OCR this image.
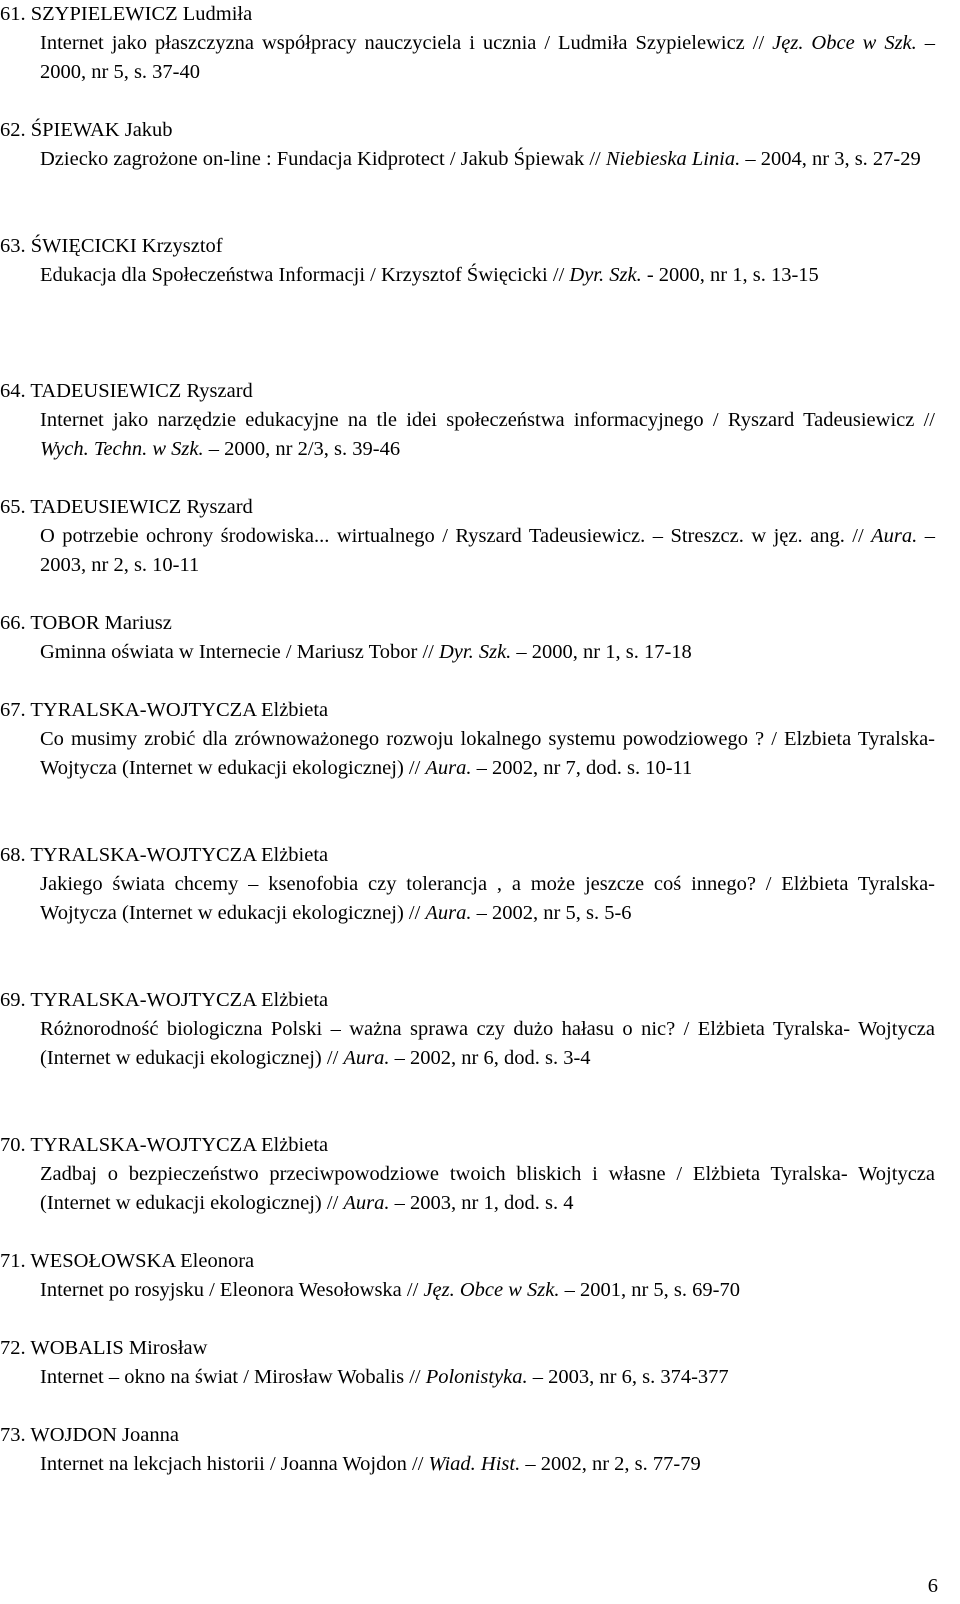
61. SZYPIELEWICZ Ludmiła
Internet jako płaszczyzna współpracy nauczyciela i ucznia / Ludmiła Szypielewicz // Jęz. Obce w Szk. – 2000, nr 5, s. 37-40
62. ŚPIEWAK Jakub
Dziecko zagrożone on-line : Fundacja Kidprotect / Jakub Śpiewak // Niebieska Linia. – 2004, nr 3, s. 27-29
63. ŚWIĘCICKI Krzysztof
Edukacja dla Społeczeństwa Informacji / Krzysztof Święcicki // Dyr. Szk. - 2000, nr 1, s. 13-15
64. TADEUSIEWICZ Ryszard
Internet jako narzędzie edukacyjne na tle idei społeczeństwa informacyjnego / Ryszard Tadeusiewicz // Wych. Techn. w Szk. – 2000, nr 2/3, s. 39-46
65. TADEUSIEWICZ Ryszard
O potrzebie ochrony środowiska... wirtualnego / Ryszard Tadeusiewicz. – Streszcz. w jęz. ang. // Aura. – 2003, nr 2, s. 10-11
66. TOBOR Mariusz
Gminna oświata w Internecie / Mariusz Tobor // Dyr. Szk. – 2000, nr 1, s. 17-18
67. TYRALSKA-WOJTYCZA Elżbieta
Co musimy zrobić dla zrównoważonego rozwoju lokalnego systemu powodziowego ? / Elzbieta Tyralska-Wojtycza (Internet w edukacji ekologicznej) // Aura. – 2002, nr 7, dod. s. 10-11
68. TYRALSKA-WOJTYCZA Elżbieta
Jakiego świata chcemy – ksenofobia czy tolerancja , a może jeszcze coś innego? / Elżbieta Tyralska- Wojtycza (Internet w edukacji ekologicznej) // Aura. – 2002, nr 5, s. 5-6
69. TYRALSKA-WOJTYCZA Elżbieta
Różnorodność biologiczna Polski – ważna sprawa czy dużo hałasu o nic? / Elżbieta Tyralska- Wojtycza (Internet w edukacji ekologicznej) // Aura. – 2002, nr 6, dod. s. 3-4
70. TYRALSKA-WOJTYCZA Elżbieta
Zadbaj o bezpieczeństwo przeciwpowodziowe twoich bliskich i własne / Elżbieta Tyralska- Wojtycza (Internet w edukacji ekologicznej) // Aura. – 2003, nr 1, dod. s. 4
71. WESOŁOWSKA Eleonora
Internet po rosyjsku / Eleonora Wesołowska // Jęz. Obce w Szk. – 2001, nr 5, s. 69-70
72. WOBALIS Mirosław
Internet – okno na świat / Mirosław Wobalis // Polonistyka. – 2003, nr 6, s. 374-377
73. WOJDON Joanna
Internet na lekcjach historii / Joanna Wojdon // Wiad. Hist. – 2002, nr 2, s. 77-79
6
